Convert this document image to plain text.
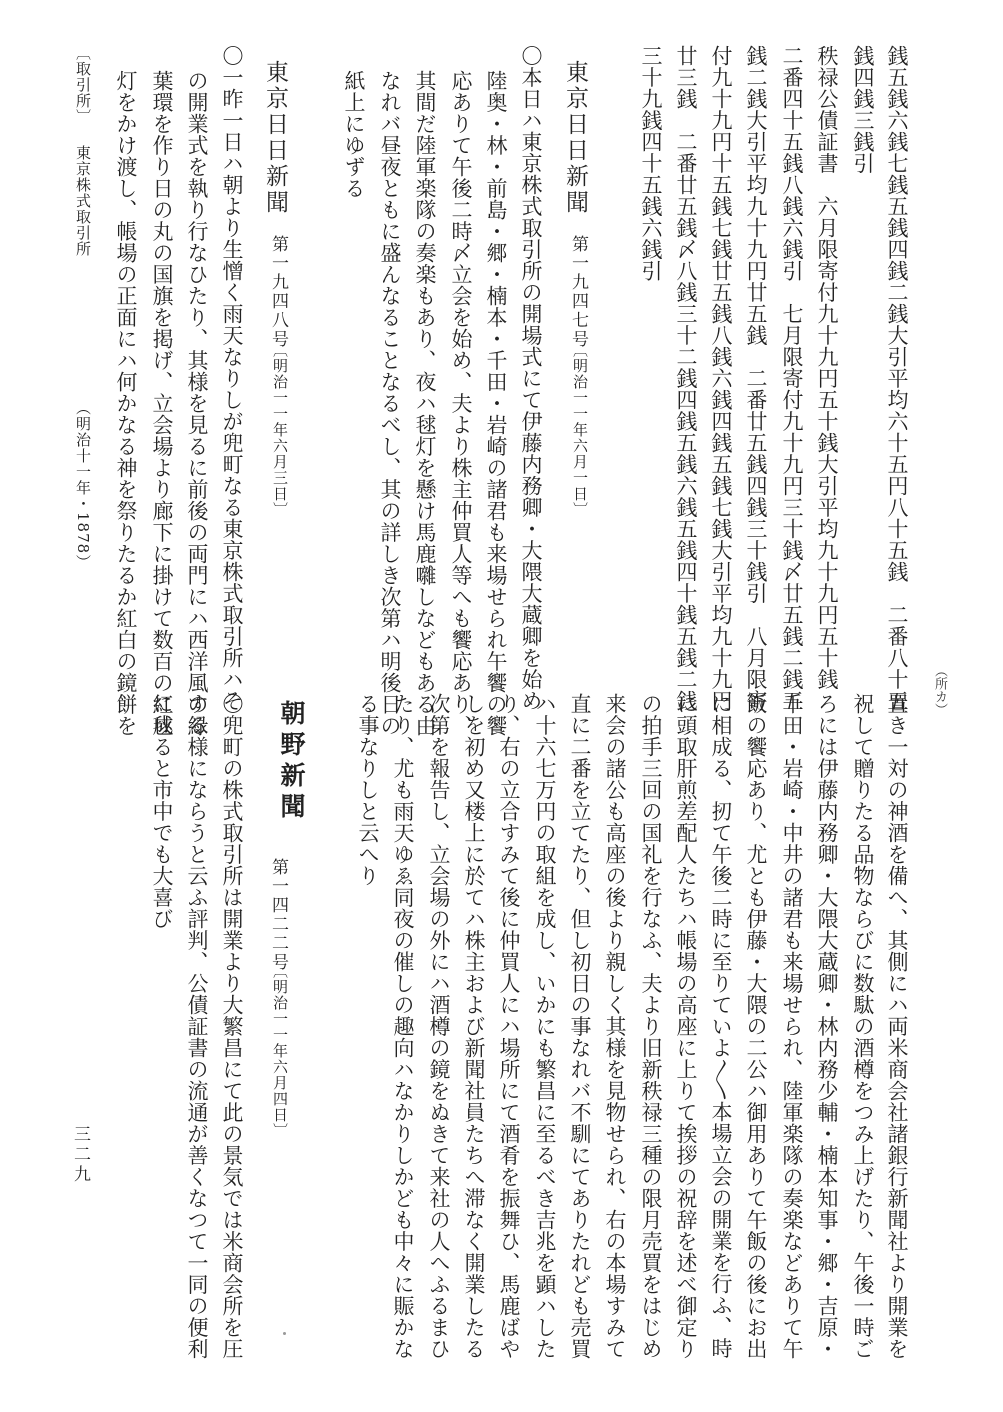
銭五銭六銭七銭五銭四銭二銭大引平均六十五円八十五銭　二番八十五
銭四銭三銭引
秩禄公債証書　六月限寄付九十九円五十銭大引平均九十九円五十銭
二番四十五銭八銭六銭引　七月限寄付九十九円三十銭〆廿五銭二銭五
銭二銭大引平均九十九円廿五銭　二番廿五銭四銭三十銭引　八月限寄
付九十九円十五銭七銭廿五銭八銭六銭四銭五銭七銭大引平均九十九円
廿三銭　二番廿五銭〆八銭三十二銭四銭五銭六銭五銭四十銭五銭二銭
三十九銭四十五銭六銭引
東京日日新聞
第一九四七号
〔明治一一年六月一日〕
〇本日ハ東京株式取引所の開場式にて伊藤内務卿・大隈大蔵卿を始め
陸奥・林・前島・郷・楠本・千田・岩崎の諸君も来場せられ午饗の饗
応ありて午後二時〆立会を始め、夫より株主仲買人等へも饗応あり、
其間だ陸軍楽隊の奏楽もあり、夜ハ毬灯を懸け馬鹿囃しなどもある由
なれバ昼夜ともに盛んなることなるべし、其の詳しき次第ハ明後日の
紙上にゆずる
東京日日新聞
第一九四八号
〔明治一一年六月三日〕
〇一昨一日ハ朝より生憎く雨天なりしが兜町なる東京株式取引所ハそ
の開業式を執り行なひたり、其様を見るに前後の両門にハ西洋風の緑
葉環を作り日の丸の国旗を掲げ、立会場より廊下に掛けて数百の紅毬
灯をかけ渡し、帳場の正面にハ何かなる神を祭りたるか紅白の鏡餅を
〔取引所〕
東京株式取引所
（明治十一年・1878）
（所カ）
置き一対の神酒を備へ、其側にハ両米商会社諸銀行新聞社より開業を
祝して贈りたる品物ならびに数駄の酒樽をつみ上げたり、午後一時ご
ろには伊藤内務卿・大隈大蔵卿・林内務少輔・楠本知事・郷・吉原・
千田・岩崎・中井の諸君も来場せられ、陸軍楽隊の奏楽などありて午
飯の饗応あり、尤とも伊藤・大隈の二公ハ御用ありて午飯の後にお出
に相成る、扨て午後二時に至りていよ〳〵本場立会の開業を行ふ、時
に頭取肝煎差配人たちハ帳場の高座に上りて挨拶の祝辞を述べ御定り
の拍手三回の国礼を行なふ、夫より旧新秩禄三種の限月売買をはじめ
来会の諸公も高座の後より親しく其様を見物せられ、右の本場すみて
直に二番を立てたり、但し初日の事なれバ不馴にてありたれども売買
ハ十六七万円の取組を成し、いかにも繁昌に至るべき吉兆を顕ハした
り、右の立合すみて後に仲買人にハ場所にて酒肴を振舞ひ、馬鹿ばや
しを初め又楼上に於てハ株主および新聞社員たちへ滞なく開業したる
次第を報告し、立会場の外にハ酒樽の鏡をぬきて来社の人へふるまひ
たり、尤も雨天ゆゑ同夜の催しの趣向ハなかりしかども中々に賑かな
る事なりしと云へり
朝野新聞
第一四二二号
〔明治一一年六月四日〕
〇兜町の株式取引所は開業より大繁昌にて此の景気では米商会所を圧
する様にならうと云ふ評判、公債証書の流通が善くなつて一同の便利
に成ると市中でも大喜び
三二九
